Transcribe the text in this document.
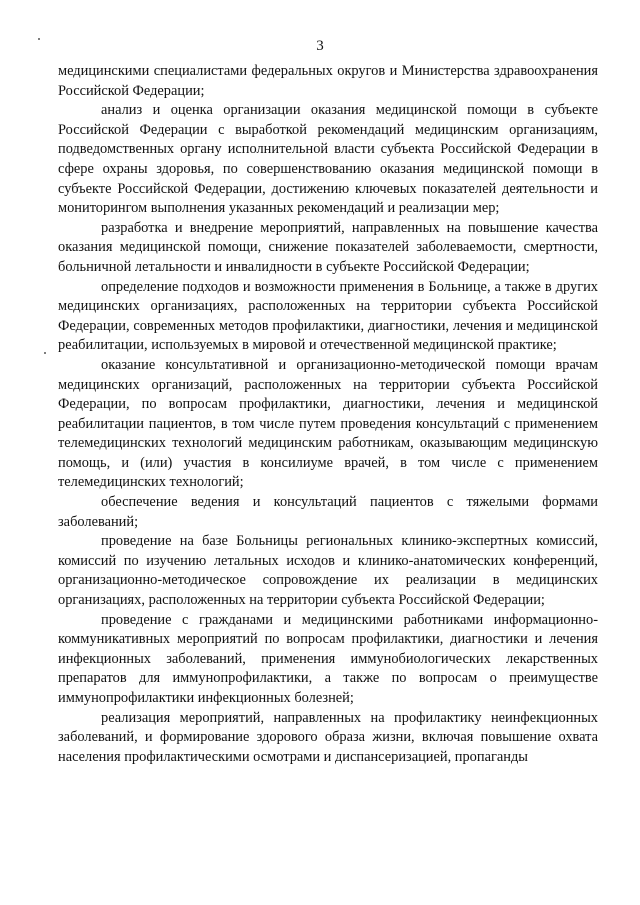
3

медицинскими специалистами федеральных округов и Министерства здравоохранения Российской Федерации;

анализ и оценка организации оказания медицинской помощи в субъекте Российской Федерации с выработкой рекомендаций медицинским организациям, подведомственных органу исполнительной власти субъекта Российской Федерации в сфере охраны здоровья, по совершенствованию оказания медицинской помощи в субъекте Российской Федерации, достижению ключевых показателей деятельности и мониторингом выполнения указанных рекомендаций и реализации мер;

разработка и внедрение мероприятий, направленных на повышение качества оказания медицинской помощи, снижение показателей заболеваемости, смертности, больничной летальности и инвалидности в субъекте Российской Федерации;

определение подходов и возможности применения в Больнице, а также в других медицинских организациях, расположенных на территории субъекта Российской Федерации, современных методов профилактики, диагностики, лечения и медицинской реабилитации, используемых в мировой и отечественной медицинской практике;

оказание консультативной и организационно-методической помощи врачам медицинских организаций, расположенных на территории субъекта Российской Федерации, по вопросам профилактики, диагностики, лечения и медицинской реабилитации пациентов, в том числе путем проведения консультаций с применением телемедицинских технологий медицинским работникам, оказывающим медицинскую помощь, и (или) участия в консилиуме врачей, в том числе с применением телемедицинских технологий;

обеспечение ведения и консультаций пациентов с тяжелыми формами заболеваний;

проведение на базе Больницы региональных клинико-экспертных комиссий, комиссий по изучению летальных исходов и клинико-анатомических конференций, организационно-методическое сопровождение их реализации в медицинских организациях, расположенных на территории субъекта Российской Федерации;

проведение с гражданами и медицинскими работниками информационно-коммуникативных мероприятий по вопросам профилактики, диагностики и лечения инфекционных заболеваний, применения иммунобиологических лекарственных препаратов для иммунопрофилактики, а также по вопросам о преимуществе иммунопрофилактики инфекционных болезней;

реализация мероприятий, направленных на профилактику неинфекционных заболеваний, и формирование здорового образа жизни, включая повышение охвата населения профилактическими осмотрами и диспансеризацией, пропаганды
